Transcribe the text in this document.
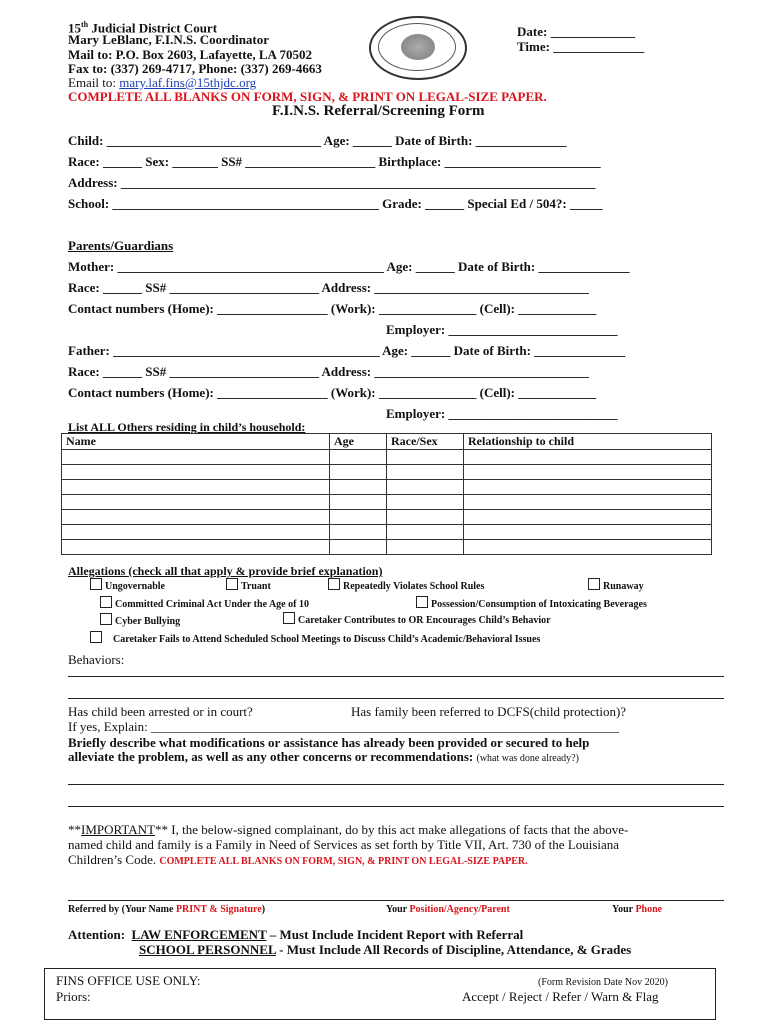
15th Judicial District Court
Mary LeBlanc, F.I.N.S. Coordinator
Mail to: P.O. Box 2603, Lafayette, LA 70502
Fax to: (337) 269-4717, Phone: (337) 269-4663
Email to: mary.laf.fins@15thjdc.org
Date: _____________
Time: ______________
COMPLETE ALL BLANKS ON FORM, SIGN, & PRINT ON LEGAL-SIZE PAPER.
F.I.N.S. Referral/Screening Form
Child: _________________________________ Age: ______ Date of Birth: ______________
Race: ______ Sex: _______ SS# ____________________ Birthplace: ________________________
Address: _________________________________________________________________________
School: _________________________________________ Grade: ______ Special Ed / 504?: _____
Parents/Guardians
Mother: _________________________________________ Age: ______ Date of Birth: ______________
Race: ______ SS# _______________________ Address: _________________________________
Contact numbers (Home): _________________ (Work): _______________ (Cell): ____________
Employer: __________________________
Father: _________________________________________ Age: ______ Date of Birth: ______________
Race: ______ SS# _______________________ Address: _________________________________
Contact numbers (Home): _________________ (Work): _______________ (Cell): ____________
Employer: __________________________
List ALL Others residing in child’s household:
Name	Age	Race/Sex	Relationship to child

Allegations (check all that apply & provide brief explanation)
Ungovernable	Truant	Repeatedly Violates School Rules	Runaway
Committed Criminal Act Under the Age of 10	Possession/Consumption of Intoxicating Beverages
Cyber Bullying	Caretaker Contributes to OR Encourages Child’s Behavior
Caretaker Fails to Attend Scheduled School Meetings to Discuss Child’s Academic/Behavioral Issues
Behaviors:
Has child been arrested or in court?	Has family been referred to DCFS(child protection)?
If yes, Explain: ________________________________________________________________________
Briefly describe what modifications or assistance has already been provided or secured to help
alleviate the problem, as well as any other concerns or recommendations: (what was done already?)
**IMPORTANT** I, the below-signed complainant, do by this act make allegations of facts that the above-
named child and family is a Family in Need of Services as set forth by Title VII, Art. 730 of the Louisiana
Children’s Code. COMPLETE ALL BLANKS ON FORM, SIGN, & PRINT ON LEGAL-SIZE PAPER.
Referred by (Your Name PRINT & Signature)	Your Position/Agency/Parent	Your Phone
Attention: LAW ENFORCEMENT – Must Include Incident Report with Referral
SCHOOL PERSONNEL - Must Include All Records of Discipline, Attendance, & Grades
FINS OFFICE USE ONLY:
Priors:
(Form Revision Date Nov 2020)
Accept / Reject / Refer / Warn & Flag
